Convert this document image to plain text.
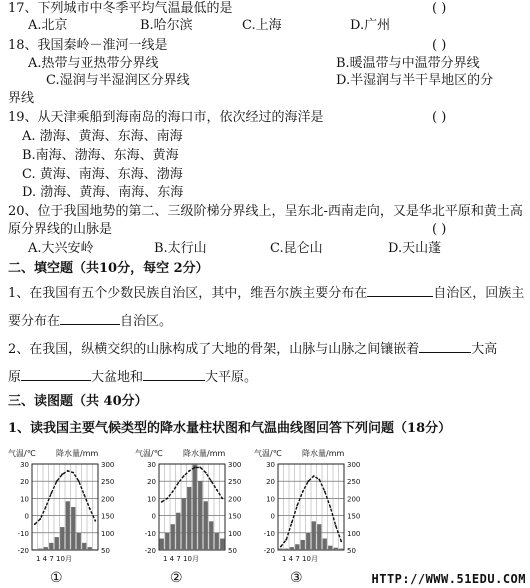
17、下列城市中冬季平均气温最低的是	( )
A.北京	B.哈尔滨	C.上海	D.广州
18、我国秦岭－淮河一线是	( )
A.热带与亚热带分界线	B.暖温带与中温带分界线
C.湿润与半湿润区分界线	D.半湿润与半干旱地区的分
界线
19、从天津乘船到海南岛的海口市，依次经过的海洋是	( )
A. 渤海、黄海、东海、南海
B.南海、渤海、东海、黄海
C. 黄海、南海、东海、渤海
D. 渤海、黄海、南海、东海
20、位于我国地势的第二、三级阶梯分界线上，呈东北-西南走向，又是华北平原和黄土高
原分界线的山脉是	( )
A.大兴安岭	B.太行山	C.昆仑山	D.天山蓬
二、填空题（共10分，每空 2分）
1、在我国有五个少数民族自治区，其中，维吾尔族主要分布在	自治区，回族主
要分布在	自治区。
2、在我国，纵横交织的山脉构成了大地的骨架，山脉与山脉之间镶嵌着	大高
原	大盆地和	大平原。
三、读图题（共 40分）
1、读我国主要气候类型的降水量柱状图和气温曲线图回答下列问题（18分）
气温/℃	降水量/mm
30
20
10
0
-10
-20
300
250
200
150
100
50
1 4 7 10月
气温/℃	降水量/mm
30
20
10
0
-10
-20
300
250
200
150
100
50
1 4 7 10月
气温/℃	降水量/mm
30
20
10
0
-10
-20
300
250
200
150
100
50
1 4 7 10月
①	②	③	HTTP://WWW.51EDU.COM
